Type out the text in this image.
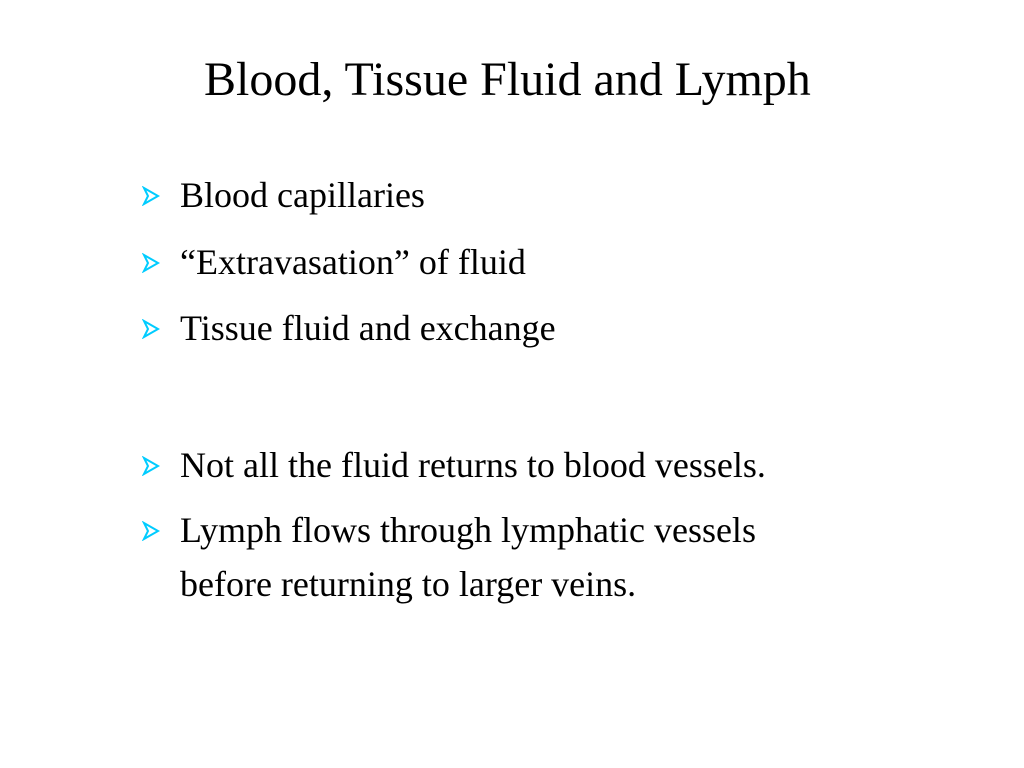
Blood, Tissue Fluid and Lymph
Blood capillaries
“Extravasation” of fluid
Tissue fluid and exchange
Not all the fluid returns to blood vessels.
Lymph flows through lymphatic vessels
before returning to larger veins.
